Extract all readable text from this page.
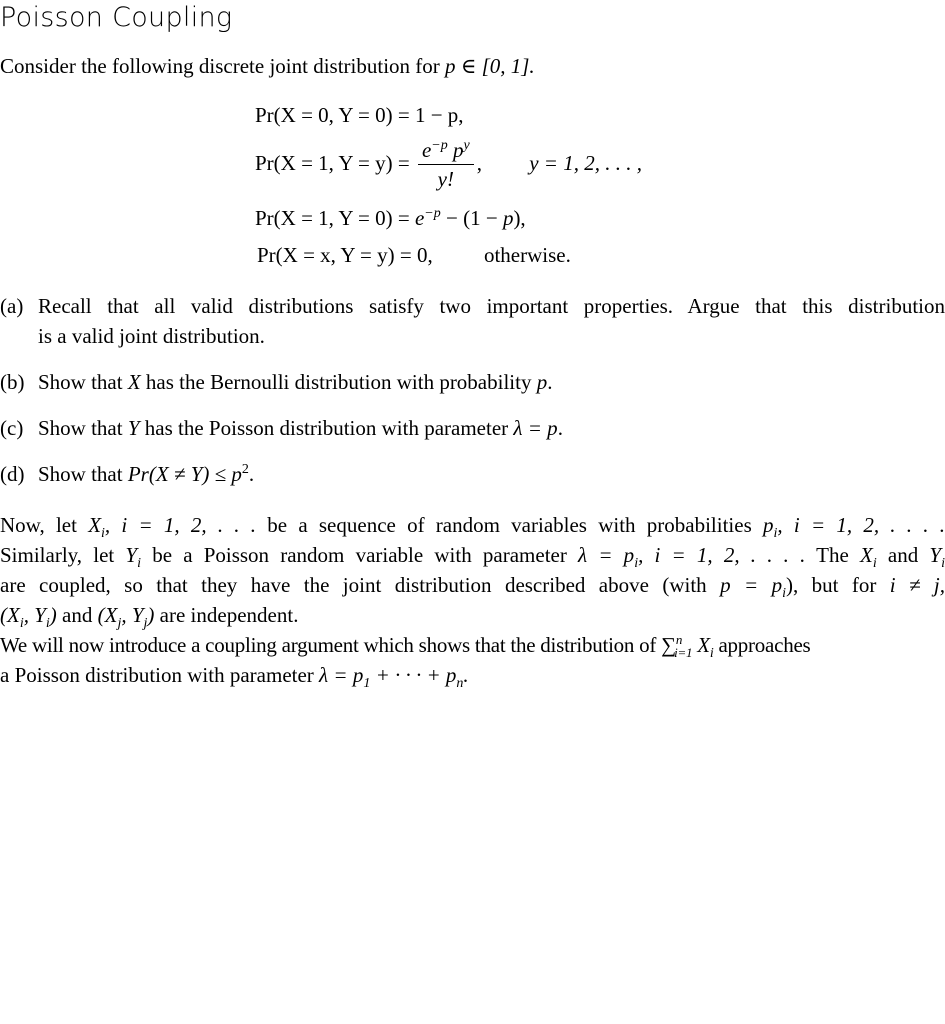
Poisson Coupling
Consider the following discrete joint distribution for p ∈ [0, 1].
Pr(X = 0, Y = 0) = 1 − p,
Pr(X = 1, $Y = y) = \frac{e^{-p} p^y}{y!}$ , y = 1, 2, . . . ,
Pr(X = 1, $Y = 0) = e^{-p} - (1 - p)$,
Pr(X = x, Y = y) = 0, otherwise.
(a) Recall that all valid distributions satisfy two important properties. Argue that this distribution
is a valid joint distribution.
(b) Show that X has the Bernoulli distribution with probability p.
(c) Show that Y has the Poisson distribution with parameter λ = p.
(d) Show that $Pr(X \ne Y) \le p^2$.
Now, let $X_i$, i = 1, 2, . . . be a sequence of random variables with probabilities $p_i$, i = 1, 2, . . . .
Similarly, let $Y_i$ be a Poisson random variable with parameter $\lambda = p_i$, i = 1, 2, . . . . The $X_i$ and $Y_i$
are coupled, so that they have the joint distribution described above (with $p = p_i$), but for i ≠ j,
($X_i$, $Y_i$) and ($X_j$, $Y_j$) are independent.
We will now introduce a coupling argument which shows that the distribution of ∑$^n_{i=1}$ $X_i$ approaches
a Poisson distribution with parameter $\lambda = p_1$ + · · · + $p_n$.
